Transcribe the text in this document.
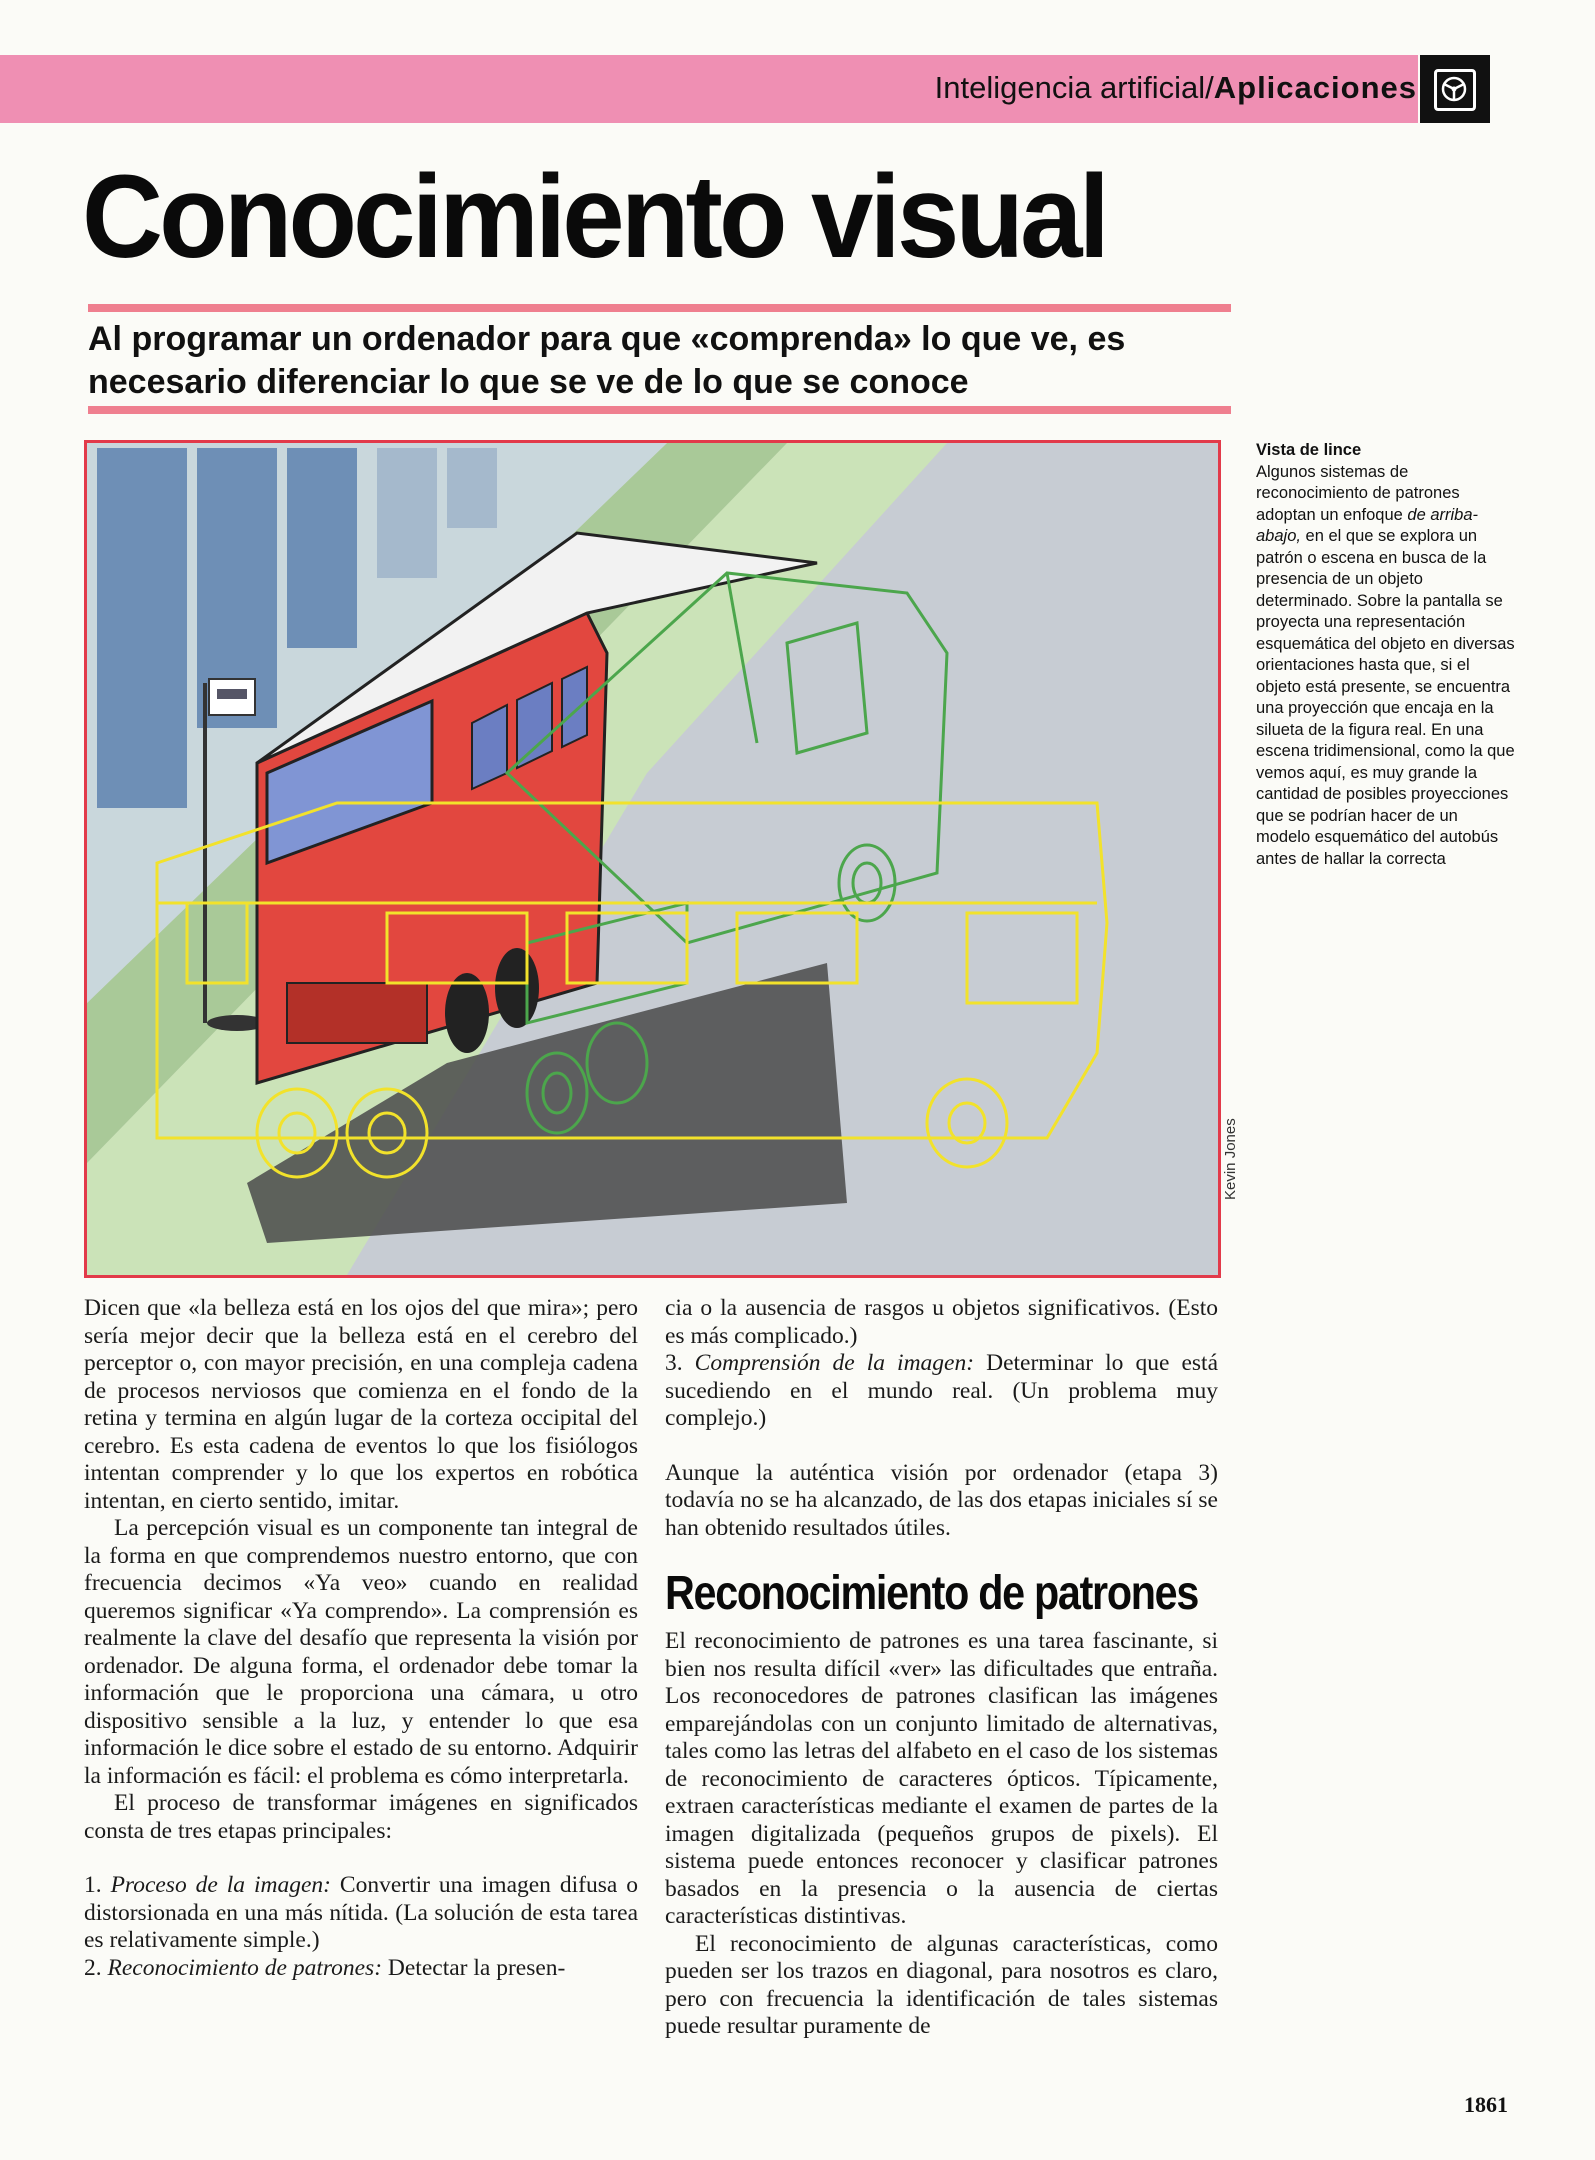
Inteligencia artificial/Aplicaciones
Conocimiento visual

Al programar un ordenador para que «comprenda» lo que ve, es necesario diferenciar lo que se ve de lo que se conoce

Kevin Jones
Vista de lince
Algunos sistemas de reconocimiento de patrones adoptan un enfoque de arriba-abajo, en el que se explora un patrón o escena en busca de la presencia de un objeto determinado. Sobre la pantalla se proyecta una representación esquemática del objeto en diversas orientaciones hasta que, si el objeto está presente, se encuentra una proyección que encaja en la silueta de la figura real. En una escena tridimensional, como la que vemos aquí, es muy grande la cantidad de posibles proyecciones que se podrían hacer de un modelo esquemático del autobús antes de hallar la correcta

Dicen que «la belleza está en los ojos del que mira»; pero sería mejor decir que la belleza está en el cerebro del perceptor o, con mayor precisión, en una compleja cadena de procesos nerviosos que comienza en el fondo de la retina y termina en algún lugar de la corteza occipital del cerebro. Es esta cadena de eventos lo que los fisiólogos intentan comprender y lo que los expertos en robótica intentan, en cierto sentido, imitar.

La percepción visual es un componente tan integral de la forma en que comprendemos nuestro entorno, que con frecuencia decimos «Ya veo» cuando en realidad queremos significar «Ya comprendo». La comprensión es realmente la clave del desafío que representa la visión por ordenador. De alguna forma, el ordenador debe tomar la información que le proporciona una cámara, u otro dispositivo sensible a la luz, y entender lo que esa información le dice sobre el estado de su entorno. Adquirir la información es fácil: el problema es cómo interpretarla.

El proceso de transformar imágenes en significados consta de tres etapas principales:

1. Proceso de la imagen: Convertir una imagen difusa o distorsionada en una más nítida. (La solución de esta tarea es relativamente simple.)

2. Reconocimiento de patrones: Detectar la presen-

cia o la ausencia de rasgos u objetos significativos. (Esto es más complicado.)

3. Comprensión de la imagen: Determinar lo que está sucediendo en el mundo real. (Un problema muy complejo.)

Aunque la auténtica visión por ordenador (etapa 3) todavía no se ha alcanzado, de las dos etapas iniciales sí se han obtenido resultados útiles.

Reconocimiento de patrones

El reconocimiento de patrones es una tarea fascinante, si bien nos resulta difícil «ver» las dificultades que entraña. Los reconocedores de patrones clasifican las imágenes emparejándolas con un conjunto limitado de alternativas, tales como las letras del alfabeto en el caso de los sistemas de reconocimiento de caracteres ópticos. Típicamente, extraen características mediante el examen de partes de la imagen digitalizada (pequeños grupos de pixels). El sistema puede entonces reconocer y clasificar patrones basados en la presencia o la ausencia de ciertas características distintivas.

El reconocimiento de algunas características, como pueden ser los trazos en diagonal, para nosotros es claro, pero con frecuencia la identificación de tales sistemas puede resultar puramente de

1861
